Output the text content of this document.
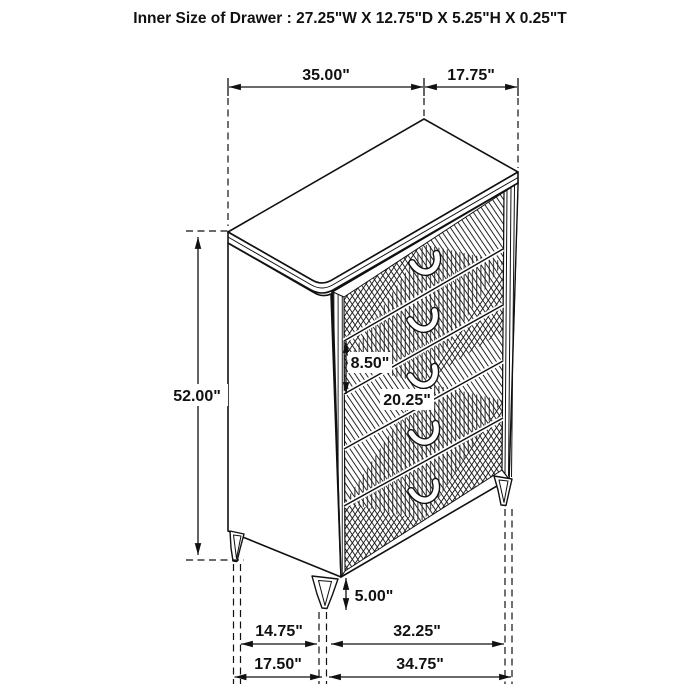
35.00"	17.75"
52.00"
8.50"
20.25"
5.00"
14.75"	32.25"
17.50"	34.75"
Inner Size of Drawer : 27.25"W X 12.75"D X 5.25"H X 0.25"T
